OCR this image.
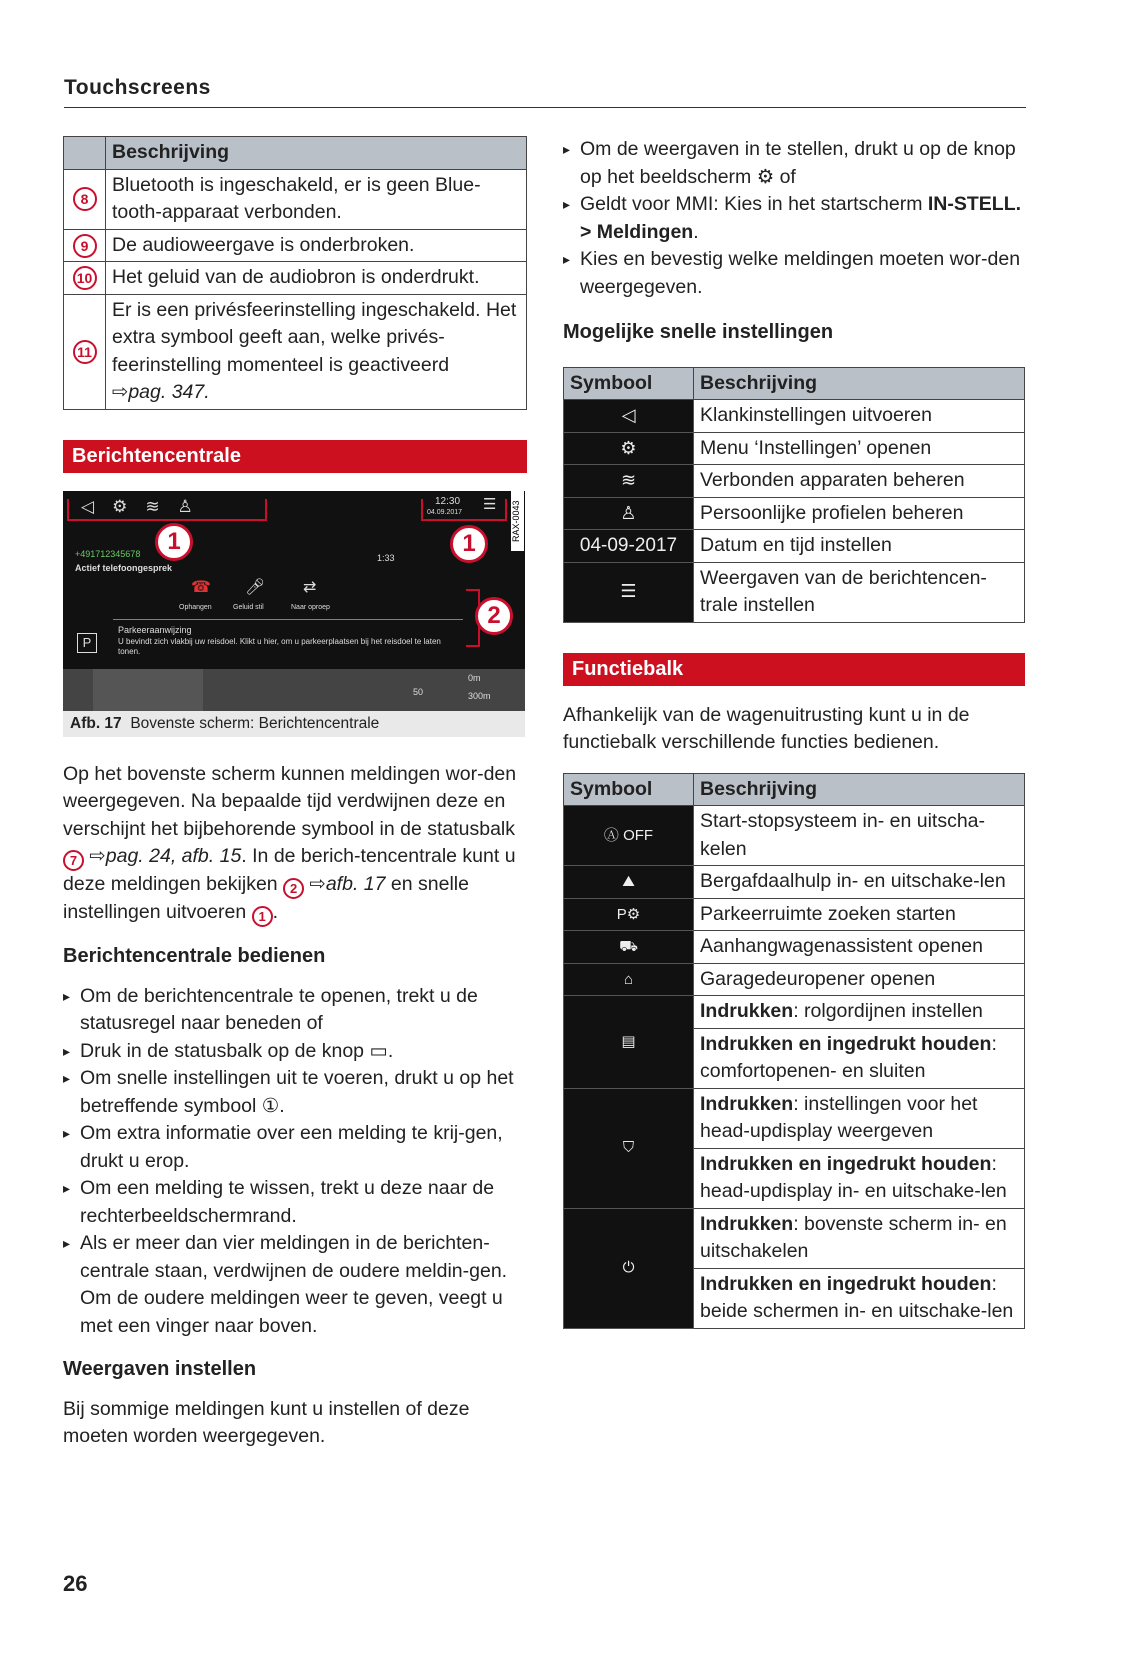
Touchscreens
	Beschrijving
8	Bluetooth is ingeschakeld, er is geen Blue-tooth-apparaat verbonden.
9	De audioweergave is onderbroken.
10	Het geluid van de audiobron is onderdrukt.
11	Er is een privésfeerinstelling ingeschakeld. Het extra symbool geeft aan, welke privés-feerinstelling momenteel is geactiveerd
⇨pag. 347.
Berichtencentrale
◁⚙≋♙	12:30
04.09.2017 ☰ RAX-0043
1	1
+491712345678
Actief telefoongesprek
1:33
☎ 🎤︎ ⇄
Ophangen	Geluid stil	Naar oproep	2
P
Parkeeraanwijzing
U bevindt zich vlakbij uw reisdoel. Klikt u hier, om u parkeerplaatsen bij het reisdoel te laten tonen.
50
0m
300m
Afb. 17 Bovenste scherm: Berichtencentrale
Op het bovenste scherm kunnen meldingen wor-den weergegeven. Na bepaalde tijd verdwijnen deze en verschijnt het bijbehorende symbool in de statusbalk 7 ⇨pag. 24, afb. 15. In de berich-tencentrale kunt u deze meldingen bekijken 2 ⇨afb. 17 en snelle instellingen uitvoeren 1 .
Berichtencentrale bedienen
▸ Om de berichtencentrale te openen, trekt u de statusregel naar beneden of
▸ Druk in de statusbalk op de knop ▭.
▸ Om snelle instellingen uit te voeren, drukt u op het betreffende symbool ①.
▸ Om extra informatie over een melding te krij-gen, drukt u erop.
▸ Om een melding te wissen, trekt u deze naar de rechterbeeldschermrand.
▸ Als er meer dan vier meldingen in de berichten-centrale staan, verdwijnen de oudere meldin-gen. Om de oudere meldingen weer te geven, veegt u met een vinger naar boven.
Weergaven instellen
Bij sommige meldingen kunt u instellen of deze moeten worden weergegeven.
26
▸ Om de weergaven in te stellen, drukt u op de knop op het beeldscherm ⚙ of
▸ Geldt voor MMI: Kies in het startscherm IN-STELL. > Meldingen.
▸ Kies en bevestig welke meldingen moeten wor-den weergegeven.
Mogelijke snelle instellingen
Symbool	Beschrijving
◁	Klankinstellingen uitvoeren
⚙	Menu ‘Instellingen’ openen
≋	Verbonden apparaten beheren
♙	Persoonlijke profielen beheren
04-09-2017	Datum en tijd instellen
☰	Weergaven van de berichtencen-trale instellen
Functiebalk
Afhankelijk van de wagenuitrusting kunt u in de functiebalk verschillende functies bedienen.
Symbool	Beschrijving
Ⓐ OFF	Start-stopsysteem in- en uitscha-kelen
⛰	Bergafdaalhulp in- en uitschake-len
P⚙	Parkeerruimte zoeken starten
⛟	Aanhangwagenassistent openen
⌂	Garagedeuropener openen
▤	Indrukken: rolgordijnen instellen
	Indrukken en ingedrukt houden: comfortopenen- en sluiten
⛉	Indrukken: instellingen voor het head-updisplay weergeven
	Indrukken en ingedrukt houden: head-updisplay in- en uitschake-len
⏻	Indrukken: bovenste scherm in- en uitschakelen
	Indrukken en ingedrukt houden: beide schermen in- en uitschake-len
